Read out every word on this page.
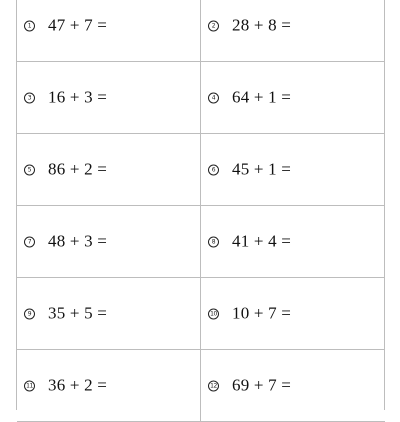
1 47 + 7 =	2 28 + 8 =
3 16 + 3 =	4 64 + 1 =
5 86 + 2 =	6 45 + 1 =
7 48 + 3 =	8 41 + 4 =
9 35 + 5 =	10 10 + 7 =
11 36 + 2 =	12 69 + 7 =
